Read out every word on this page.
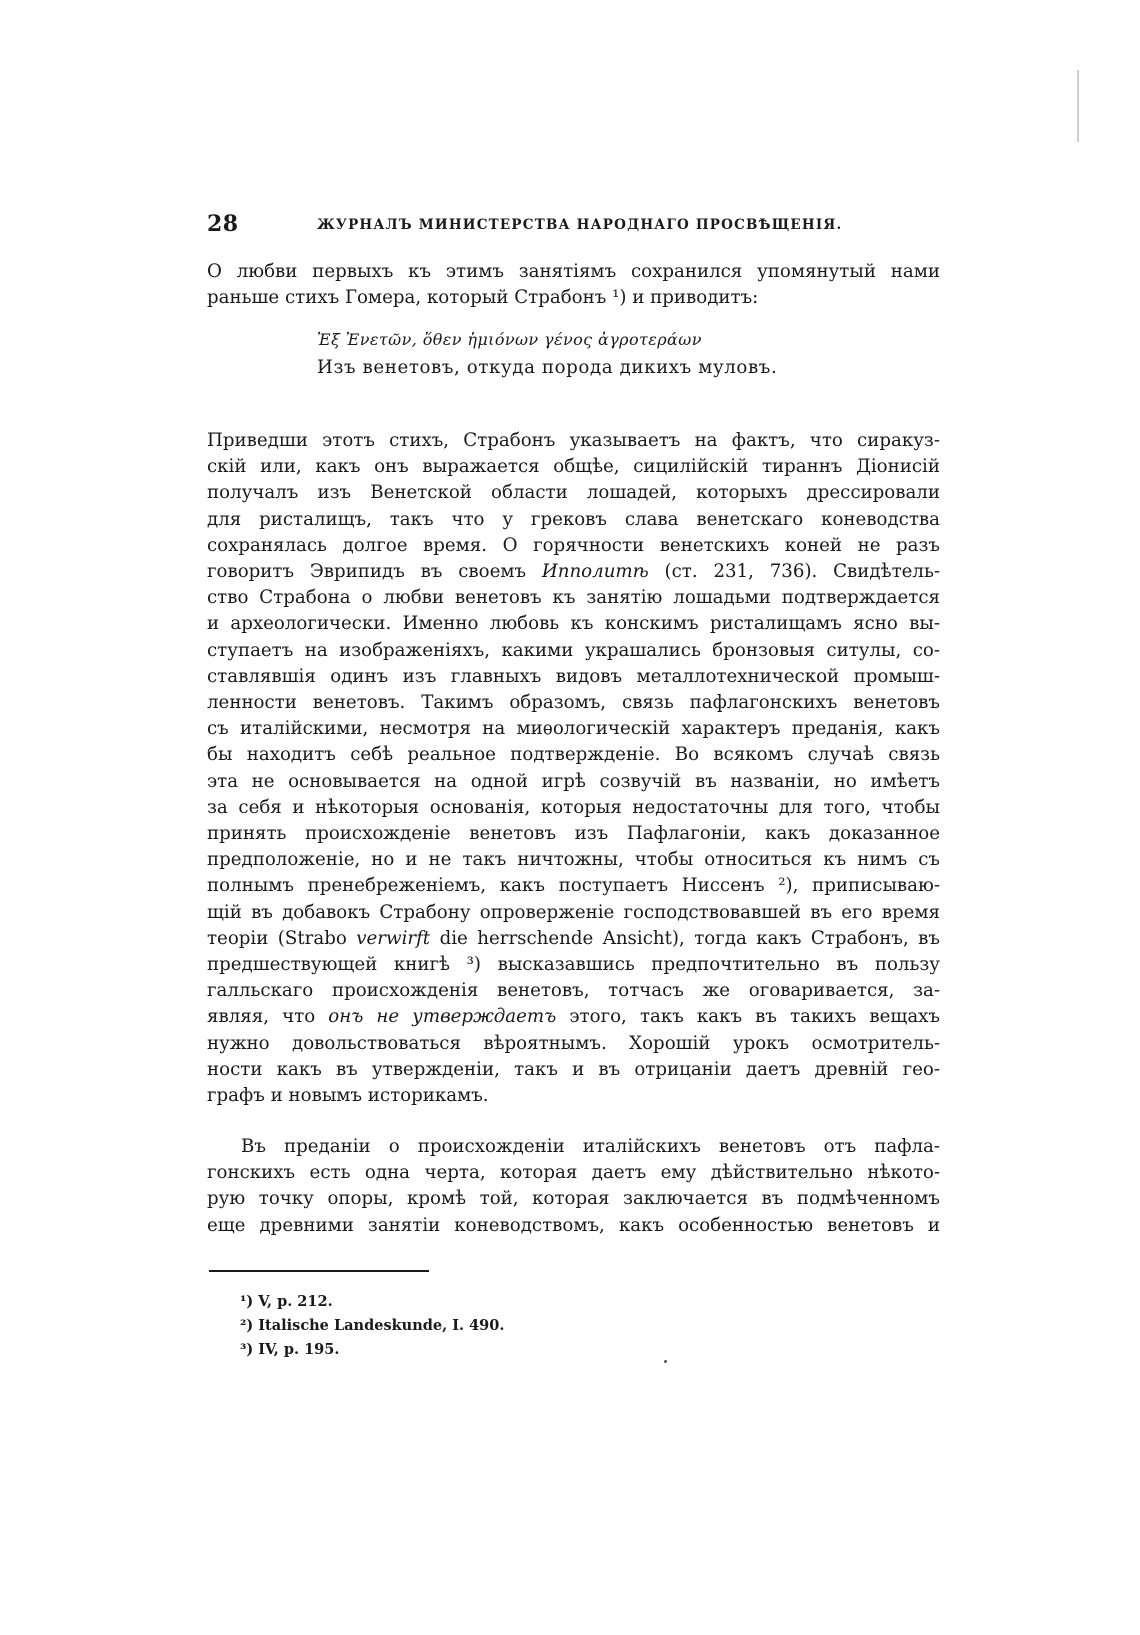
28	ЖУРНАЛЪ МИНИСТЕРСТВА НАРОДНАГО ПРОСВѢЩЕНІЯ.

О любви первыхъ къ этимъ занятіямъ сохранился упомянутый нами
раньше стихъ Гомера, который Страбонъ ¹) и приводитъ:

Ἐξ Ἐνετῶν, ὅθεν ἡμιόνων γένος ἀγροτεράων
Изъ венетовъ, откуда порода дикихъ муловъ.

Приведши этотъ стихъ, Страбонъ указываетъ на фактъ, что сиракуз-
скій или, какъ онъ выражается общѣе, сицилійскій тираннъ Діонисій
получалъ изъ Венетской области лошадей, которыхъ дрессировали
для ристалищъ, такъ что у грековъ слава венетскаго коневодства
сохранялась долгое время. О горячности венетскихъ коней не разъ
говоритъ Эврипидъ въ своемъ Ипполитѣ (ст. 231, 736). Свидѣтель-
ство Страбона о любви венетовъ къ занятію лошадьми подтверждается
и археологически. Именно любовь къ конскимъ ристалищамъ ясно вы-
ступаетъ на изображеніяхъ, какими украшались бронзовыя ситулы, со-
ставлявшія одинъ изъ главныхъ видовъ металлотехнической промыш-
ленности венетовъ. Такимъ образомъ, связь пафлагонскихъ венетовъ
съ италійскими, несмотря на миѳологическій характеръ преданія, какъ
бы находитъ себѣ реальное подтвержденіе. Во всякомъ случаѣ связь
эта не основывается на одной игрѣ созвучій въ названіи, но имѣетъ
за себя и нѣкоторыя основанія, которыя недостаточны для того, чтобы
принять происхожденіе венетовъ изъ Пафлагоніи, какъ доказанное
предположеніе, но и не такъ ничтожны, чтобы относиться къ нимъ съ
полнымъ пренебреженіемъ, какъ поступаетъ Ниссенъ ²), приписываю-
щій въ добавокъ Страбону опроверженіе господствовавшей въ его время
теоріи (Strabo verwirft die herrschende Ansicht), тогда какъ Страбонъ, въ
предшествующей книгѣ ³) высказавшись предпочтительно въ пользу
галльскаго происхожденія венетовъ, тотчасъ же оговаривается, за-
являя, что онъ не утверждаетъ этого, такъ какъ въ такихъ вещахъ
нужно довольствоваться вѣроятнымъ. Хорошій урокъ осмотритель-
ности какъ въ утвержденіи, такъ и въ отрицаніи даетъ древній гео-
графъ и новымъ историкамъ.

Въ преданіи о происхожденіи италійскихъ венетовъ отъ пафла-
гонскихъ есть одна черта, которая даетъ ему дѣйствительно нѣкото-
рую точку опоры, кромѣ той, которая заключается въ подмѣченномъ
еще древними занятіи коневодствомъ, какъ особенностью венетовъ и

¹) V, p. 212.
²) Italische Landeskunde, I. 490.
³) IV, p. 195.
